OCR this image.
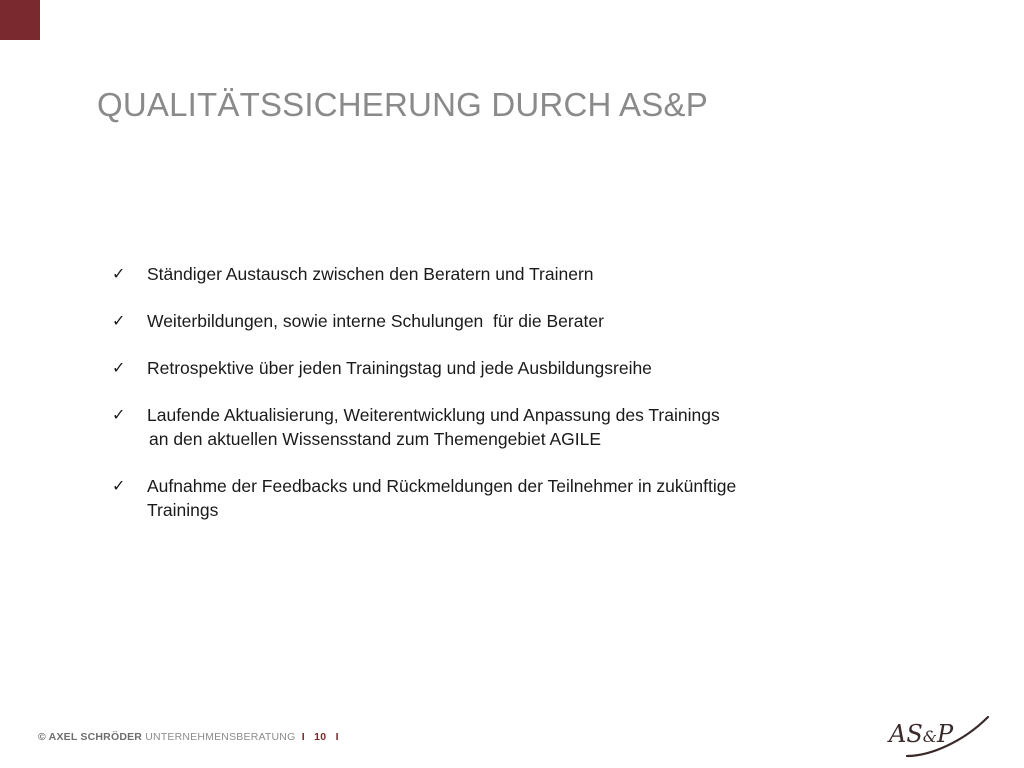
QUALITÄTSSICHERUNG DURCH AS&P
✓ Ständiger Austausch zwischen den Beratern und Trainern
✓ Weiterbildungen, sowie interne Schulungen  für die Berater
✓ Retrospektive über jeden Trainingstag und jede Ausbildungsreihe
✓ Laufende Aktualisierung, Weiterentwicklung und Anpassung des Trainings
an den aktuellen Wissensstand zum Themengebiet AGILE
✓ Aufnahme der Feedbacks und Rückmeldungen der Teilnehmer in zukünftige
Trainings
© AXEL SCHRÖDER UNTERNEHMENSBERATUNG  I 10 I	AS&P
